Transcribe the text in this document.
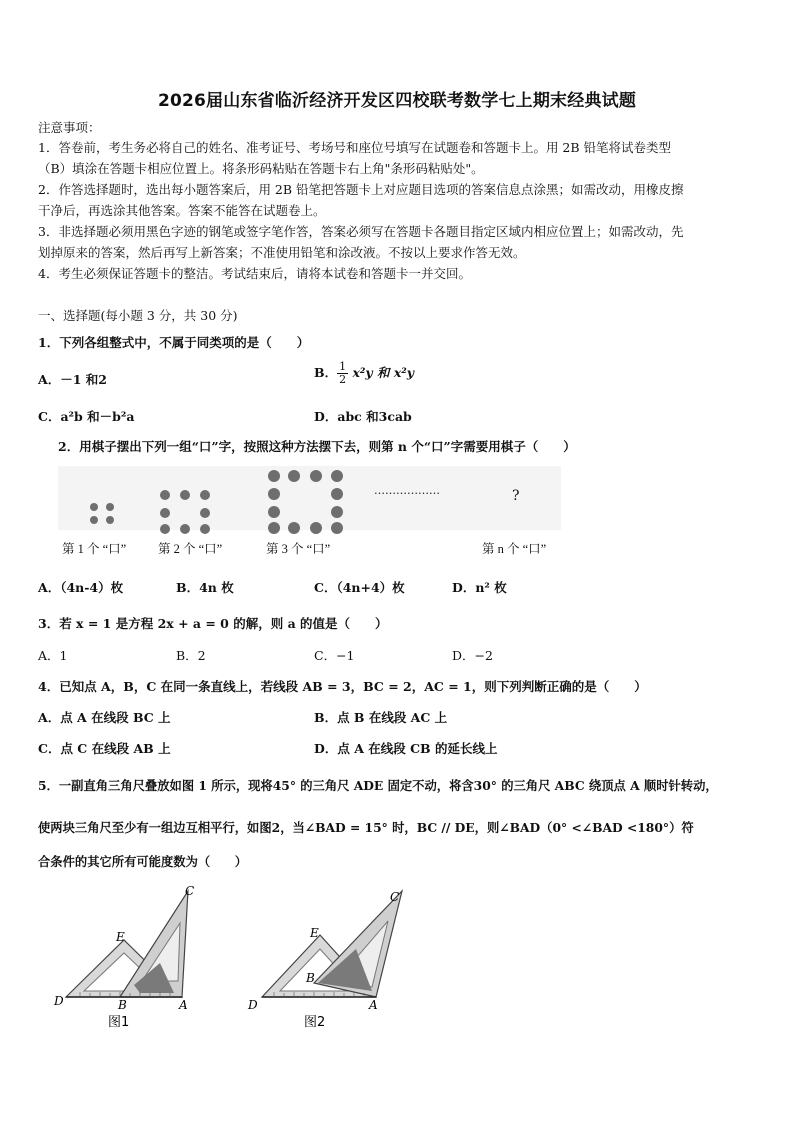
2026届山东省临沂经济开发区四校联考数学七上期末经典试题
注意事项：
1．答卷前，考生务必将自己的姓名、准考证号、考场号和座位号填写在试题卷和答题卡上。用 2B 铅笔将试卷类型
（B）填涂在答题卡相应位置上。将条形码粘贴在答题卡右上角"条形码粘贴处"。
2．作答选择题时，选出每小题答案后，用 2B 铅笔把答题卡上对应题目选项的答案信息点涂黑；如需改动，用橡皮擦
干净后，再选涂其他答案。答案不能答在试题卷上。
3．非选择题必须用黑色字迹的钢笔或签字笔作答，答案必须写在答题卡各题目指定区域内相应位置上；如需改动，先
划掉原来的答案，然后再写上新答案；不准使用铅笔和涂改液。不按以上要求作答无效。
4．考生必须保证答题卡的整洁。考试结束后，请将本试卷和答题卡一并交回。
一、选择题(每小题 3 分，共 30 分)
1．下列各组整式中，不属于同类项的是（　　）
A．－1 和2	B． $\frac{1}{2} x^2y$ 和 x²y
C．a²b 和－b²a	D．abc 和3cab
2．用棋子摆出下列一组“口”字，按照这种方法摆下去，则第 n 个“口”字需要用棋子（　　）
………………	?
第 1 个 “口”	第 2 个 “口”	第 3 个 “口”	第 n 个 “口”
A．（4n-4）枚	B．4n 枚	C．（4n+4）枚	D．n² 枚
3．若 x = 1 是方程 2x + a = 0 的解，则 a 的值是（　　）
A．1	B．2	C．−1	D．−2
4．已知点 A，B，C 在同一条直线上，若线段 AB = 3，BC = 2，AC = 1，则下列判断正确的是（　　）
A．点 A 在线段 BC 上	B．点 B 在线段 AC 上
C．点 C 在线段 AB 上	D．点 A 在线段 CB 的延长线上
5．一副直角三角尺叠放如图 1 所示，现将45° 的三角尺 ADE 固定不动，将含30° 的三角尺 ABC 绕顶点 A 顺时针转动，
使两块三角尺至少有一组边互相平行，如图2，当∠BAD = 15° 时，BC // DE，则∠BAD（0° <∠BAD <180°）符
合条件的其它所有可能度数为（　　）
E
C
D	B	A
图1
E
C
D
B
A
图2
